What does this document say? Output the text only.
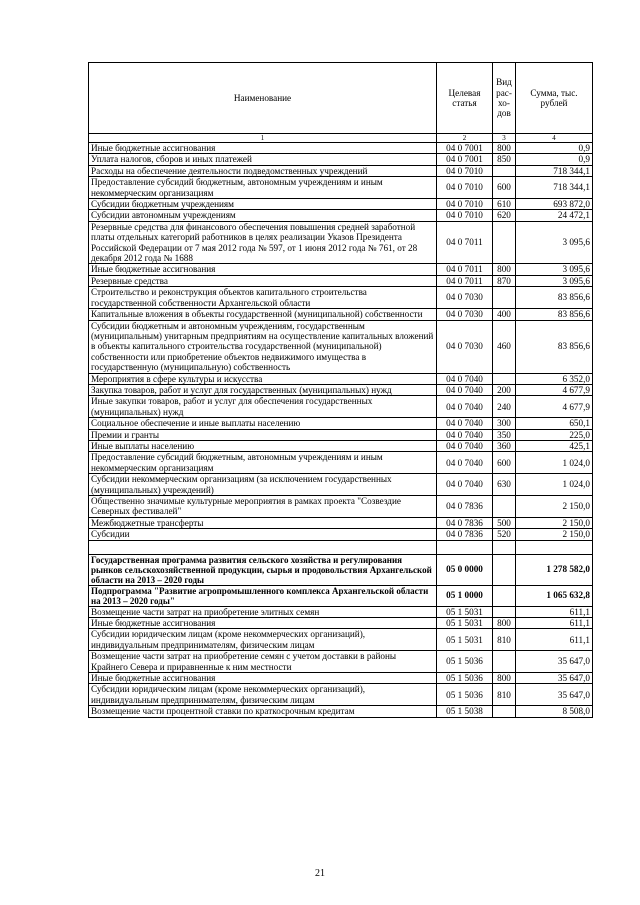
Наименование	Целевая статья	Вид рас-хо-дов	Сумма, тыс. рублей
1	2	3	4
Иные бюджетные ассигнования	04 0 7001	800	0,9
Уплата налогов, сборов и иных платежей	04 0 7001	850	0,9
Расходы на обеспечение деятельности подведомственных учреждений	04 0 7010		718 344,1
Предоставление субсидий бюджетным, автономным учреждениям и иным некоммерческим организациям	04 0 7010	600	718 344,1
Субсидии бюджетным учреждениям	04 0 7010	610	693 872,0
Субсидии автономным учреждениям	04 0 7010	620	24 472,1
Резервные средства для финансового обеспечения повышения средней заработной платы отдельных категорий работников в целях реализации Указов Президента Российской Федерации от 7 мая 2012 года № 597, от 1 июня 2012 года № 761, от 28 декабря 2012 года № 1688	04 0 7011		3 095,6
Иные бюджетные ассигнования	04 0 7011	800	3 095,6
Резервные средства	04 0 7011	870	3 095,6
Строительство и реконструкция объектов капитального строительства государственной собственности Архангельской области	04 0 7030		83 856,6
Капитальные вложения в объекты государственной (муниципальной) собственности	04 0 7030	400	83 856,6
Субсидии бюджетным и автономным учреждениям, государственным (муниципальным) унитарным предприятиям на осуществление капитальных вложений в объекты капитального строительства государственной (муниципальной) собственности или приобретение объектов недвижимого имущества в государственную (муниципальную) собственность	04 0 7030	460	83 856,6
Мероприятия в сфере культуры и искусства	04 0 7040		6 352,0
Закупка товаров, работ и услуг для государственных (муниципальных) нужд	04 0 7040	200	4 677,9
Иные закупки товаров, работ и услуг для обеспечения государственных (муниципальных) нужд	04 0 7040	240	4 677,9
Социальное обеспечение и иные выплаты населению	04 0 7040	300	650,1
Премии и гранты	04 0 7040	350	225,0
Иные выплаты населению	04 0 7040	360	425,1
Предоставление субсидий бюджетным, автономным учреждениям и иным некоммерческим организациям	04 0 7040	600	1 024,0
Субсидии некоммерческим организациям (за исключением государственных (муниципальных) учреждений)	04 0 7040	630	1 024,0
Общественно значимые культурные мероприятия в рамках проекта "Созвездие Северных фестивалей"	04 0 7836		2 150,0
Межбюджетные трансферты	04 0 7836	500	2 150,0
Субсидии	04 0 7836	520	2 150,0

Государственная программа развития сельского хозяйства и регулирования рынков сельскохозяйственной продукции, сырья и продовольствия Архангельской области на 2013 – 2020 годы	05 0 0000		1 278 582,0
Подпрограмма "Развитие агропромышленного комплекса Архангельской области на 2013 – 2020 годы"	05 1 0000		1 065 632,8
Возмещение части затрат на приобретение элитных семян	05 1 5031		611,1
Иные бюджетные ассигнования	05 1 5031	800	611,1
Субсидии юридическим лицам (кроме некоммерческих организаций), индивидуальным предпринимателям, физическим лицам	05 1 5031	810	611,1
Возмещение части затрат на приобретение семян с учетом доставки в районы Крайнего Севера и приравненные к ним местности	05 1 5036		35 647,0
Иные бюджетные ассигнования	05 1 5036	800	35 647,0
Субсидии юридическим лицам (кроме некоммерческих организаций), индивидуальным предпринимателям, физическим лицам	05 1 5036	810	35 647,0
Возмещение части процентной ставки по краткосрочным кредитам	05 1 5038		8 508,0
21
